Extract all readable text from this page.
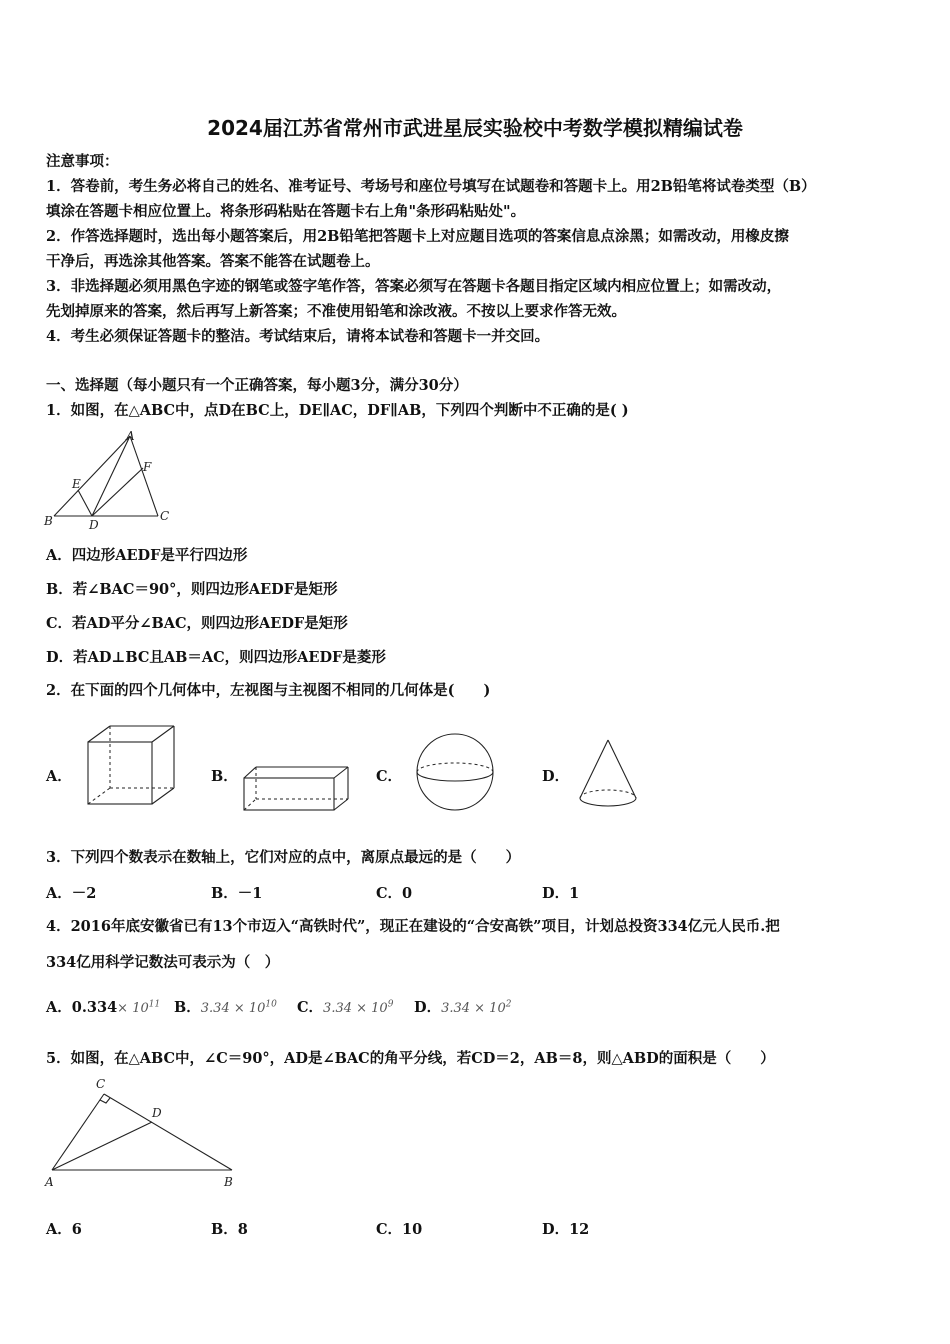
2024届江苏省常州市武进星辰实验校中考数学模拟精编试卷
注意事项：
1．答卷前，考生务必将自己的姓名、准考证号、考场号和座位号填写在试题卷和答题卡上。用2B铅笔将试卷类型（B）
填涂在答题卡相应位置上。将条形码粘贴在答题卡右上角"条形码粘贴处"。
2．作答选择题时，选出每小题答案后，用2B铅笔把答题卡上对应题目选项的答案信息点涂黑；如需改动，用橡皮擦
干净后，再选涂其他答案。答案不能答在试题卷上。
3．非选择题必须用黑色字迹的钢笔或签字笔作答，答案必须写在答题卡各题目指定区域内相应位置上；如需改动，
先划掉原来的答案，然后再写上新答案；不准使用铅笔和涂改液。不按以上要求作答无效。
4．考生必须保证答题卡的整洁。考试结束后，请将本试卷和答题卡一并交回。
一、选择题（每小题只有一个正确答案，每小题3分，满分30分）
1．如图，在△ABC中，点D在BC上，DE∥AC，DF∥AB，下列四个判断中不正确的是( )
A
B	C
D
E
F
A．四边形AEDF是平行四边形
B．若∠BAC＝90°，则四边形AEDF是矩形
C．若AD平分∠BAC，则四边形AEDF是矩形
D．若AD⊥BC且AB＝AC，则四边形AEDF是菱形
2．在下面的四个几何体中，左视图与主视图不相同的几何体是(　　)
A．	B．	C．	D．
3．下列四个数表示在数轴上，它们对应的点中，离原点最远的是（　　）
A．－2	B．－1	C．0	D．1
4．2016年底安徽省已有13个市迈入“高铁时代”，现正在建设的“合安高铁”项目，计划总投资334亿元人民币.把
334亿用科学记数法可表示为（　）
A．$0.334\times 10^{11}$ B．$3.34 \times 10^{10}$ C．$3.34 \times 10^9$ D．$3.34 \times 10^2$
5．如图，在△ABC中，∠C＝90°，AD是∠BAC的角平分线，若CD＝2，AB＝8，则△ABD的面积是（　　）
C
D
A	B
A．6	B．8	C．10	D．12
